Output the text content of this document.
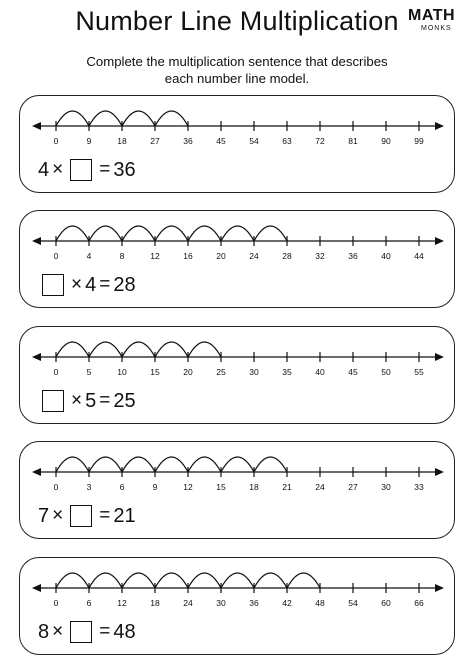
Number Line Multiplication MATH
MONKS
Complete the multiplication sentence that describes
each number line model.
0	9	18	27	36	45	54	63	72	81	90	99
4 × = 36
0	4	8	12	16	20	24	28	32	36	40	44
× 4 = 28
0	5	10	15	20	25	30	35	40	45	50	55
× 5 = 25
0	3	6	9	12	15	18	21	24	27	30	33
7 × = 21
0	6	12	18	24	30	36	42	48	54	60	66
8 × = 48
